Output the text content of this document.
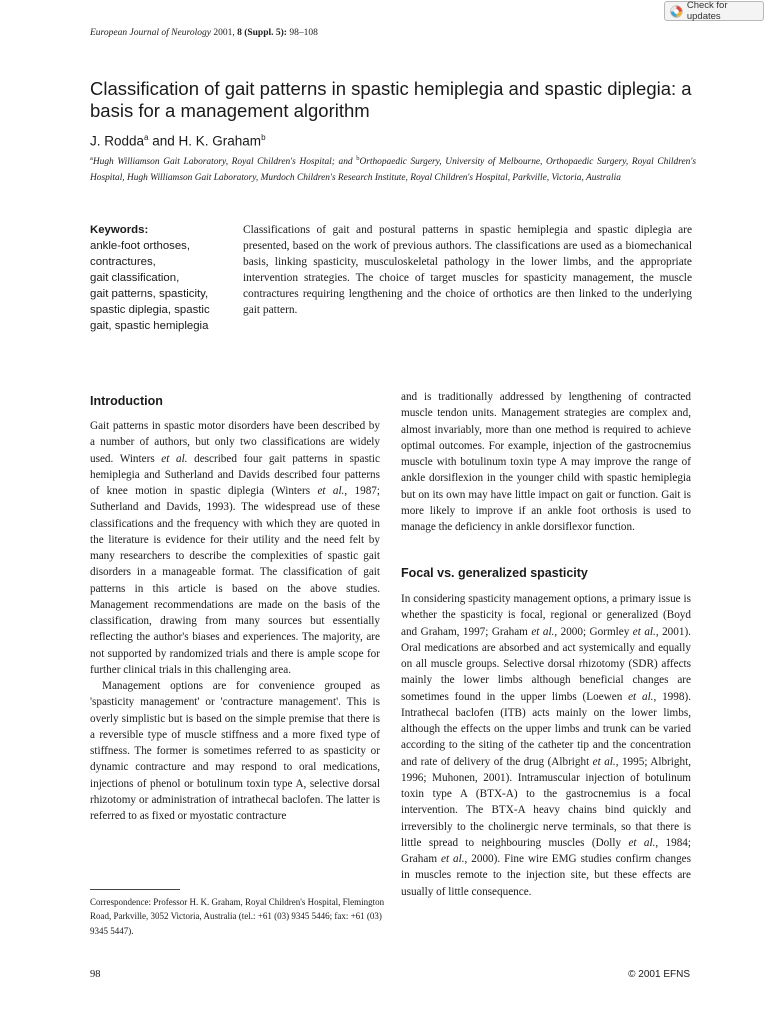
European Journal of Neurology 2001, 8 (Suppl. 5): 98–108
Check for updates
Classification of gait patterns in spastic hemiplegia and spastic diplegia: a basis for a management algorithm
J. Rodda$^a$ and H. K. Graham$^b$
$^a$Hugh Williamson Gait Laboratory, Royal Children's Hospital; and $^b$Orthopaedic Surgery, University of Melbourne, Orthopaedic Surgery, Royal Children's Hospital, Hugh Williamson Gait Laboratory, Murdoch Children's Research Institute, Royal Children's Hospital, Parkville, Victoria, Australia
Keywords:
ankle-foot orthoses,
contractures,
gait classification,
gait patterns, spasticity,
spastic diplegia, spastic
gait, spastic hemiplegia
Classifications of gait and postural patterns in spastic hemiplegia and spastic diplegia are presented, based on the work of previous authors. The classifications are used as a biomechanical basis, linking spasticity, musculoskeletal pathology in the lower limbs, and the appropriate intervention strategies. The choice of target muscles for spasticity management, the muscle contractures requiring lengthening and the choice of orthotics are then linked to the underlying gait pattern.
Introduction

Gait patterns in spastic motor disorders have been described by a number of authors, but only two classifications are widely used. Winters et al. described four gait patterns in spastic hemiplegia and Sutherland and Davids described four patterns of knee motion in spastic diplegia (Winters et al., 1987; Sutherland and Davids, 1993). The widespread use of these classifications and the frequency with which they are quoted in the literature is evidence for their utility and the need felt by many researchers to describe the complexities of spastic gait disorders in a manageable format. The classification of gait patterns in this article is based on the above studies. Management recommendations are made on the basis of the classification, drawing from many sources but essentially reflecting the author's biases and experiences. The majority, are not supported by randomized trials and there is ample scope for further clinical trials in this challenging area.

Management options are for convenience grouped as 'spasticity management' or 'contracture management'. This is overly simplistic but is based on the simple premise that there is a reversible type of muscle stiffness and a more fixed type of stiffness. The former is sometimes referred to as spasticity or dynamic contracture and may respond to oral medications, injections of phenol or botulinum toxin type A, selective dorsal rhizotomy or administration of intrathecal baclofen. The latter is referred to as fixed or myostatic contracture

and is traditionally addressed by lengthening of contracted muscle tendon units. Management strategies are complex and, almost invariably, more than one method is required to achieve optimal outcomes. For example, injection of the gastrocnemius muscle with botulinum toxin type A may improve the range of ankle dorsiflexion in the younger child with spastic hemiplegia but on its own may have little impact on gait or function. Gait is more likely to improve if an ankle foot orthosis is used to manage the deficiency in ankle dorsiflexor function.

Focal vs. generalized spasticity

In considering spasticity management options, a primary issue is whether the spasticity is focal, regional or generalized (Boyd and Graham, 1997; Graham et al., 2000; Gormley et al., 2001). Oral medications are absorbed and act systemically and equally on all muscle groups. Selective dorsal rhizotomy (SDR) affects mainly the lower limbs although beneficial changes are sometimes found in the upper limbs (Loewen et al., 1998). Intrathecal baclofen (ITB) acts mainly on the lower limbs, although the effects on the upper limbs and trunk can be varied according to the siting of the catheter tip and the concentration and rate of delivery of the drug (Albright et al., 1995; Albright, 1996; Muhonen, 2001). Intramuscular injection of botulinum toxin type A (BTX-A) to the gastrocnemius is a focal intervention. The BTX-A heavy chains bind quickly and irreversibly to the cholinergic nerve terminals, so that there is little spread to neighbouring muscles (Dolly et al., 1984; Graham et al., 2000). Fine wire EMG studies confirm changes in muscles remote to the injection site, but these effects are usually of little consequence.

Correspondence: Professor H. K. Graham, Royal Children's Hospital, Flemington Road, Parkville, 3052 Victoria, Australia (tel.: +61 (03) 9345 5446; fax: +61 (03) 9345 5447).
98	© 2001 EFNS
